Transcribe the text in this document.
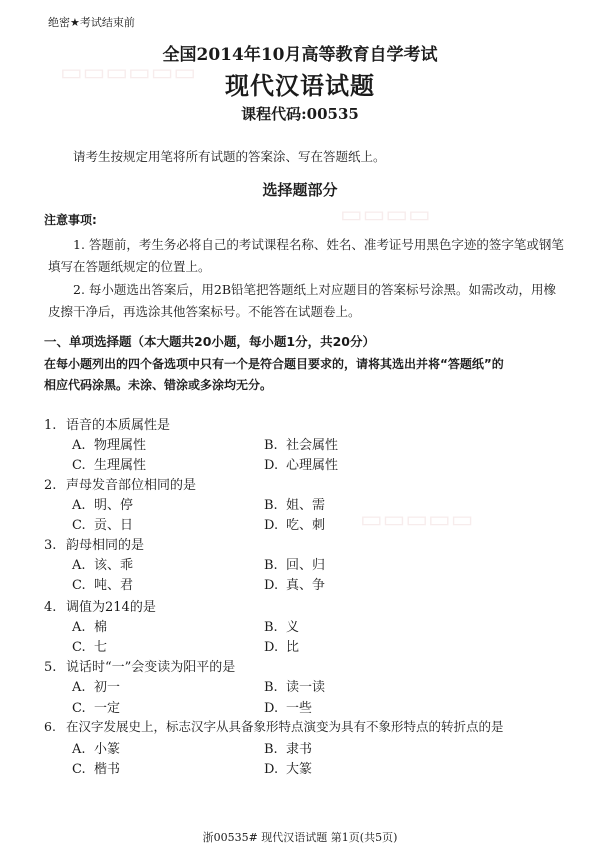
▭▭▭▭▭▭
▭▭▭▭
▭▭▭▭▭
绝密★考试结束前
全国2014年10月高等教育自学考试
现代汉语试题
课程代码:00535
请考生按规定用笔将所有试题的答案涂、写在答题纸上。
选择题部分
注意事项:
1. 答题前，考生务必将自己的考试课程名称、姓名、准考证号用黑色字迹的签字笔或钢笔
填写在答题纸规定的位置上。
2. 每小题选出答案后，用2B铅笔把答题纸上对应题目的答案标号涂黑。如需改动，用橡
皮擦干净后，再选涂其他答案标号。不能答在试题卷上。
一、单项选择题（本大题共20小题，每小题1分，共20分）
在每小题列出的四个备选项中只有一个是符合题目要求的，请将其选出并将“答题纸”的
相应代码涂黑。未涂、错涂或多涂均无分。
1. 语音的本质属性是
A. 物理属性	B. 社会属性
C. 生理属性	D. 心理属性
2. 声母发音部位相同的是
A. 明、停	B. 姐、需
C. 贡、日	D. 吃、刺
3. 韵母相同的是
A. 该、乖	B. 回、归
C. 吨、君	D. 真、争
4. 调值为214的是
A. 棉	B. 义
C. 七	D. 比
5. 说话时“一”会变读为阳平的是
A. 初一	B. 读一读
C. 一定	D. 一些
6. 在汉字发展史上，标志汉字从具备象形特点演变为具有不象形特点的转折点的是
A. 小篆	B. 隶书
C. 楷书	D. 大篆
浙00535# 现代汉语试题 第1页(共5页)
